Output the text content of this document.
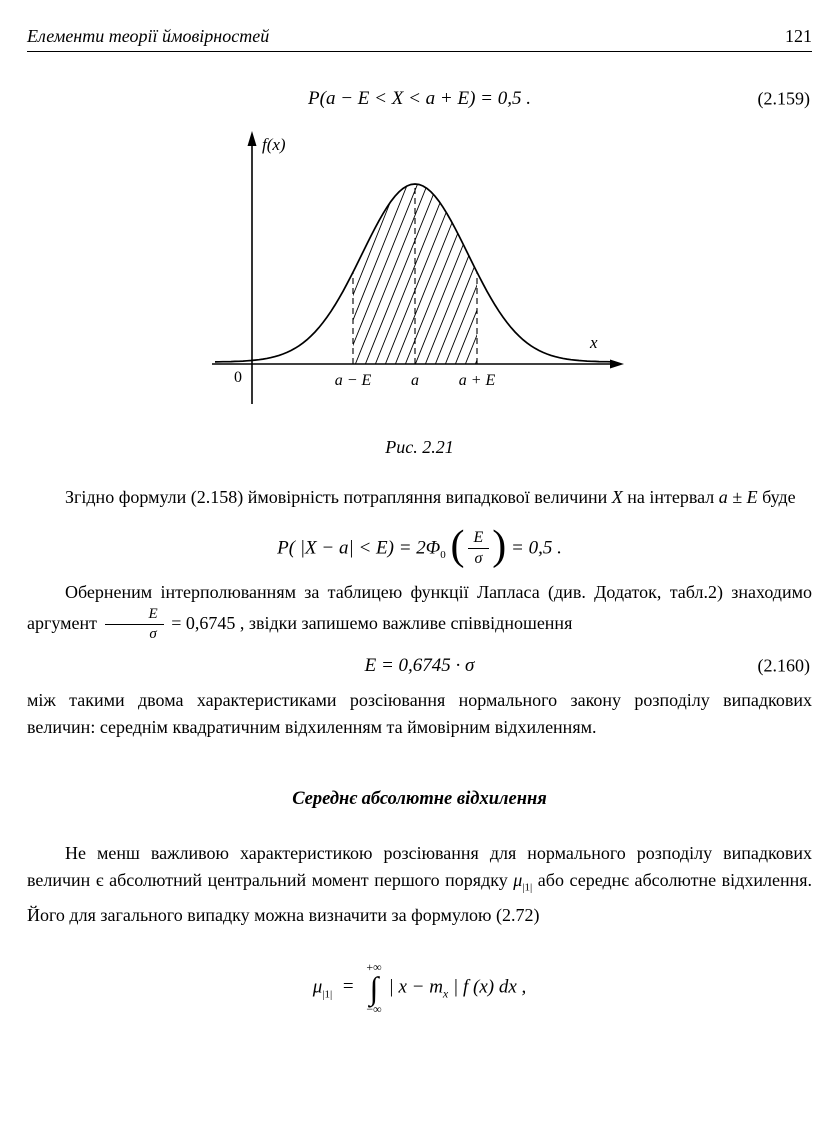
Елементи теорії ймовірностей	121
P(a − E < X < a + E) = 0,5 .	(2.159)
f(x)
x
0	a − E a a + E
Рис. 2.21

Згідно формули (2.158) ймовірність потрапляння випадкової величини X на інтервал a ± E буде

P( $|X - a| < E) = 2\Phi_0$ ( $\frac{E}{\sigma}$ ) = 0,5 .

Оберненим інтерполюванням за таблицею функції Лапласа (див. Додаток, табл.2) знаходимо аргумент $\frac{E}{\sigma} = 0,6745$ , звідки запишемо важливе співвідношення

E = 0,6745 · σ	(2.160)

між такими двома характеристиками розсіювання нормального закону розподілу випадкових величин: середнім квадратичним відхиленням та ймовірним відхиленням.

Середнє абсолютне відхилення

Не менш важливою характеристикою розсіювання для нормального розподілу випадкових величин є абсолютний центральний момент першого порядку $\mu_{|1|}$ або середнє абсолютне відхилення. Його для загального випадку можна визначити за формулою (2.72)

$\mu_{|1|}$ =
+∞
∫
−∞
| $x - m_x$ | f (x) dx ,
